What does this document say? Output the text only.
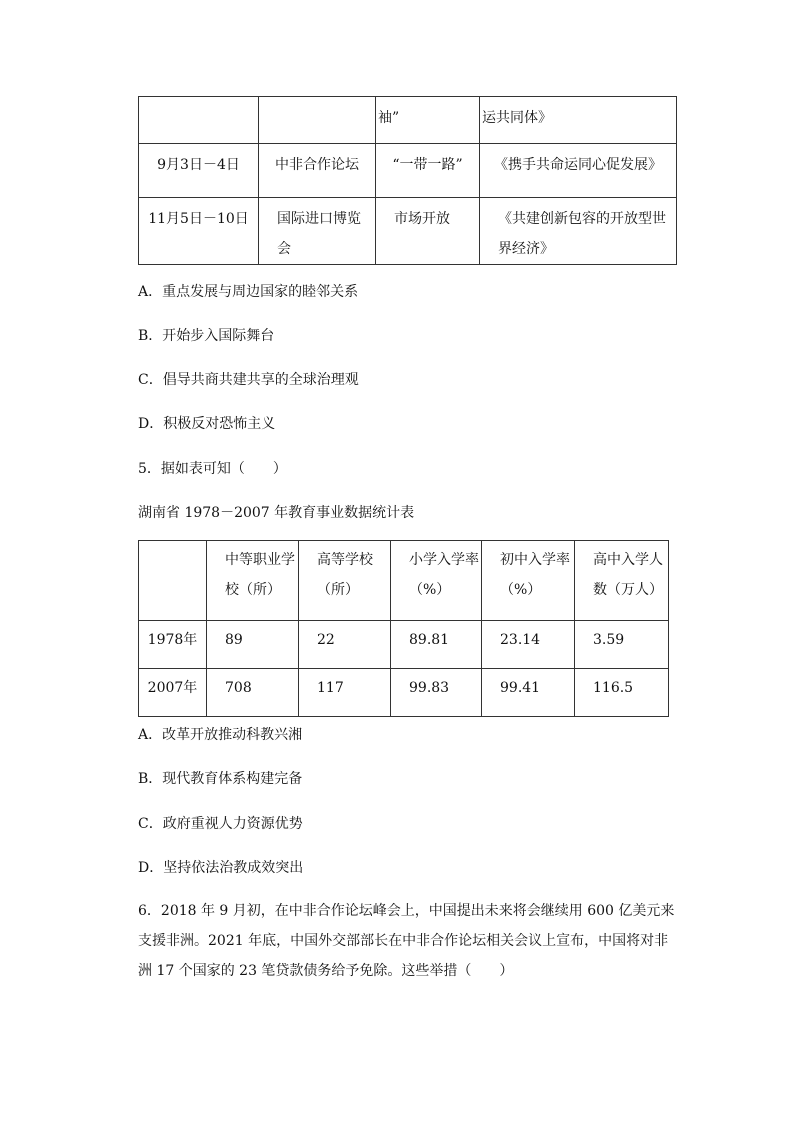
		袖”	运共同体》
9月3日－4日	中非合作论坛	“一带一路”	《携手共命运同心促发展》
11月5日－10日	国际进口博览会	市场开放	《共建创新包容的开放型世界经济》
A．重点发展与周边国家的睦邻关系
B．开始步入国际舞台
C．倡导共商共建共享的全球治理观
D．积极反对恐怖主义
5．据如表可知（　　）
湖南省 1978－2007 年教育事业数据统计表
	中等职业学校（所）	高等学校（所）	小学入学率（%）	初中入学率（%）	高中入学人数（万人）
1978年	89	22	89.81	23.14	3.59
2007年	708	117	99.83	99.41	116.5
A．改革开放推动科教兴湘
B．现代教育体系构建完备
C．政府重视人力资源优势
D．坚持依法治教成效突出
6．2018 年 9 月初，在中非合作论坛峰会上，中国提出未来将会继续用 600 亿美元来支援非洲。2021 年底，中国外交部部长在中非合作论坛相关会议上宣布，中国将对非洲 17 个国家的 23 笔贷款债务给予免除。这些举措（　　）
